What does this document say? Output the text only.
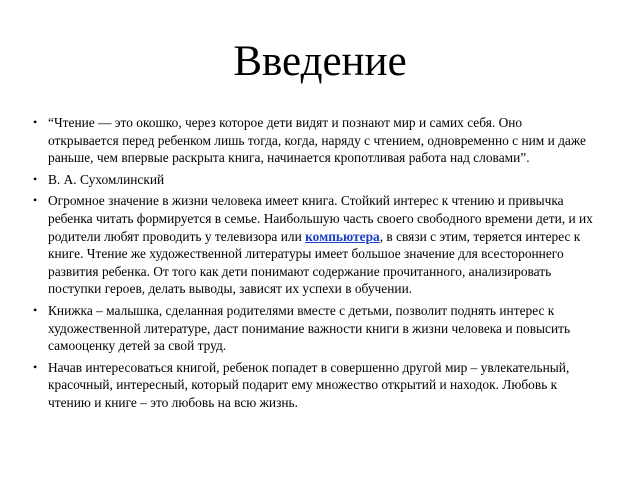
Введение
• “Чтение — это окошко, через которое дети видят и познают мир и самих себя. Оно открывается перед ребенком лишь тогда, когда, наряду с чтением, одновременно с ним и даже раньше, чем впервые раскрыта книга, начинается кропотливая работа над словами”.
• В. А. Сухомлинский
• Огромное значение в жизни человека имеет книга. Стойкий интерес к чтению и привычка ребенка читать формируется в семье. Наибольшую часть своего свободного времени дети, и их родители любят проводить у телевизора или компьютера, в связи с этим, теряется интерес к книге. Чтение же художественной литературы имеет большое значение для всестороннего развития ребенка. От того как дети понимают содержание прочитанного, анализировать поступки героев, делать выводы, зависят их успехи в обучении.
• Книжка – малышка, сделанная родителями вместе с детьми, позволит поднять интерес к художественной литературе, даст понимание важности книги в жизни человека и повысить самооценку детей за свой труд.
• Начав интересоваться книгой, ребенок попадет в совершенно другой мир – увлекательный, красочный, интересный, который подарит ему множество открытий и находок. Любовь к чтению и книге – это любовь на всю жизнь.
